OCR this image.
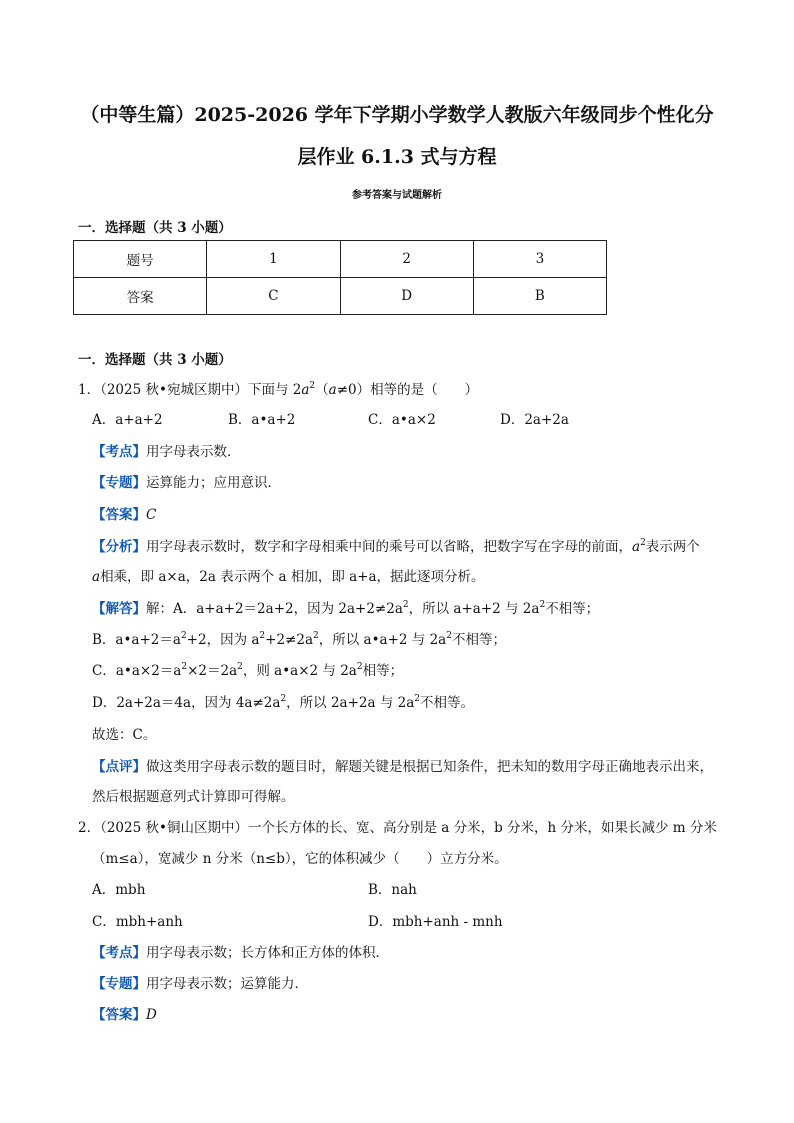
（中等生篇）2025-2026 学年下学期小学数学人教版六年级同步个性化分
层作业 6.1.3 式与方程
参考答案与试题解析
一．选择题（共 3 小题）
题号	1	2	3
答案	C	D	B
一．选择题（共 3 小题）
1．（2025 秋•宛城区期中）下面与 $2a^2(a\ne 0)$相等的是（　　）
A．a+a+2	B．a•a+2	C．a•a×2	D．2a+2a
【考点】用字母表示数．
【专题】运算能力；应用意识．
【答案】C
【分析】用字母表示数时，数字和字母相乘中间的乘号可以省略，把数字写在字母的前面，$a^2$表示两个
a相乘，即 a×a，2a 表示两个 a 相加，即 a+a，据此逐项分析。
【解答】解：A．a+a+2＝2a+2，因为 $2a+2\ne 2a^2$，所以 a+a+2 与 $2a^2$不相等；
B．$a•a+2=a^2+2$，因为 $a^2+2\ne 2a^2$，所以 a•a+2 与 $2a^2$不相等；
C．$a•a\times 2=a^2\times 2=2a^2$，则 a•a×2 与 $2a^2$相等；
D．2a+2a＝4a，因为 $4a\ne 2a^2$，所以 2a+2a 与 $2a^2$不相等。
故选：C。
【点评】做这类用字母表示数的题目时，解题关键是根据已知条件，把未知的数用字母正确地表示出来，
然后根据题意列式计算即可得解。
2．（2025 秋•铜山区期中）一个长方体的长、宽、高分别是 a 分米，b 分米，h 分米，如果长减少 m 分米
（m≤a），宽减少 n 分米（n≤b），它的体积减少（　　）立方分米。
A．mbh	B．nah
C．mbh+anh	D．mbh+anh - mnh
【考点】用字母表示数；长方体和正方体的体积．
【专题】用字母表示数；运算能力．
【答案】D
